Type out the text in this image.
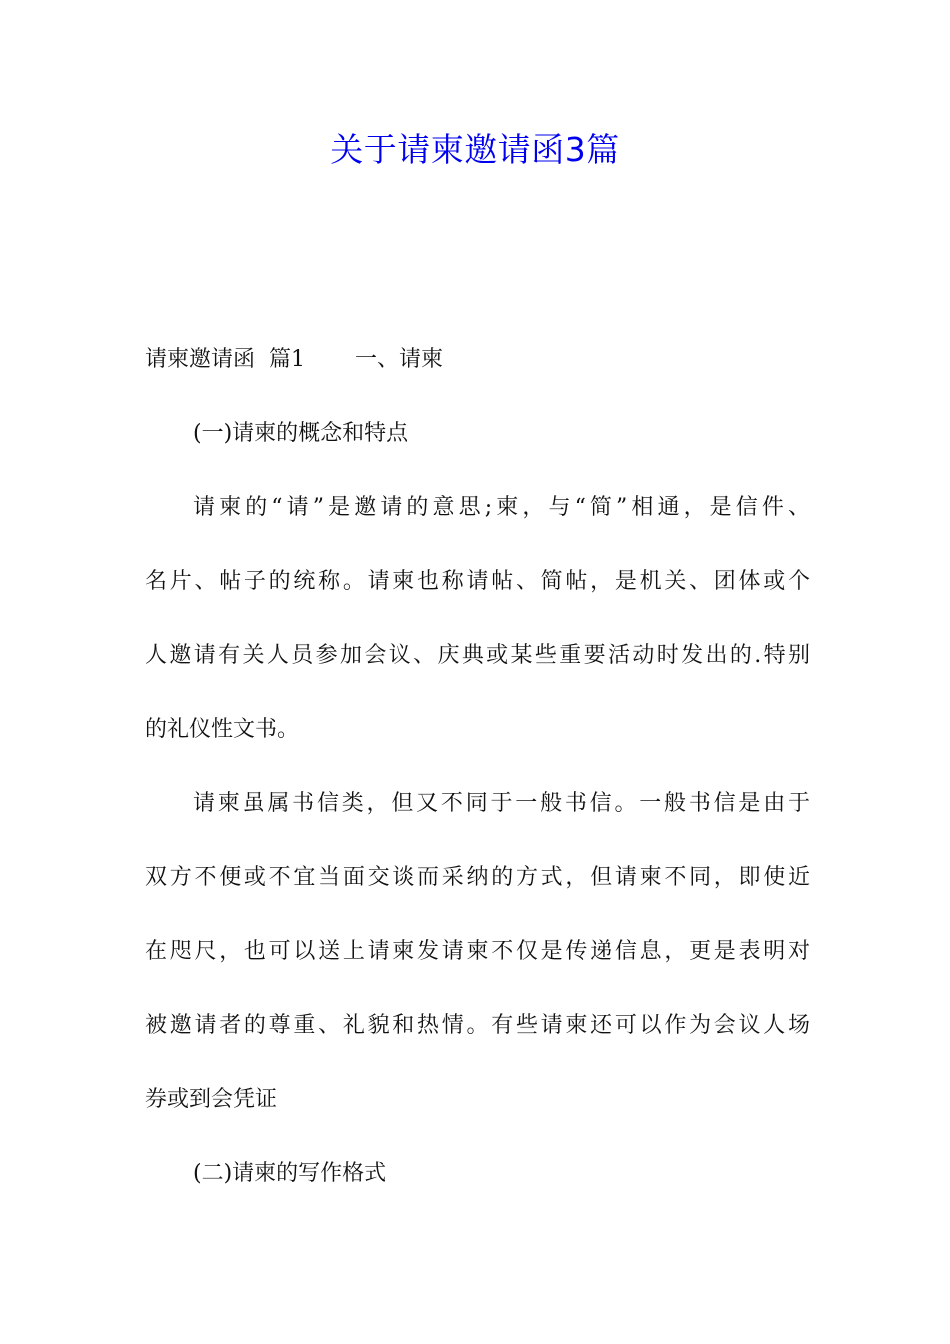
关于请柬邀请函3篇
请柬邀请函  篇1 一、请柬
(一)请柬的概念和特点
请柬的“请”是邀请的意思;柬，与“简”相通，是信件、
名片、帖子的统称。请柬也称请帖、简帖，是机关、团体或个
人邀请有关人员参加会议、庆典或某些重要活动时发出的.特别
的礼仪性文书。
请柬虽属书信类，但又不同于一般书信。一般书信是由于
双方不便或不宜当面交谈而采纳的方式，但请柬不同，即使近
在咫尺，也可以送上请柬发请柬不仅是传递信息，更是表明对
被邀请者的尊重、礼貌和热情。有些请柬还可以作为会议人场
券或到会凭证
(二)请柬的写作格式
